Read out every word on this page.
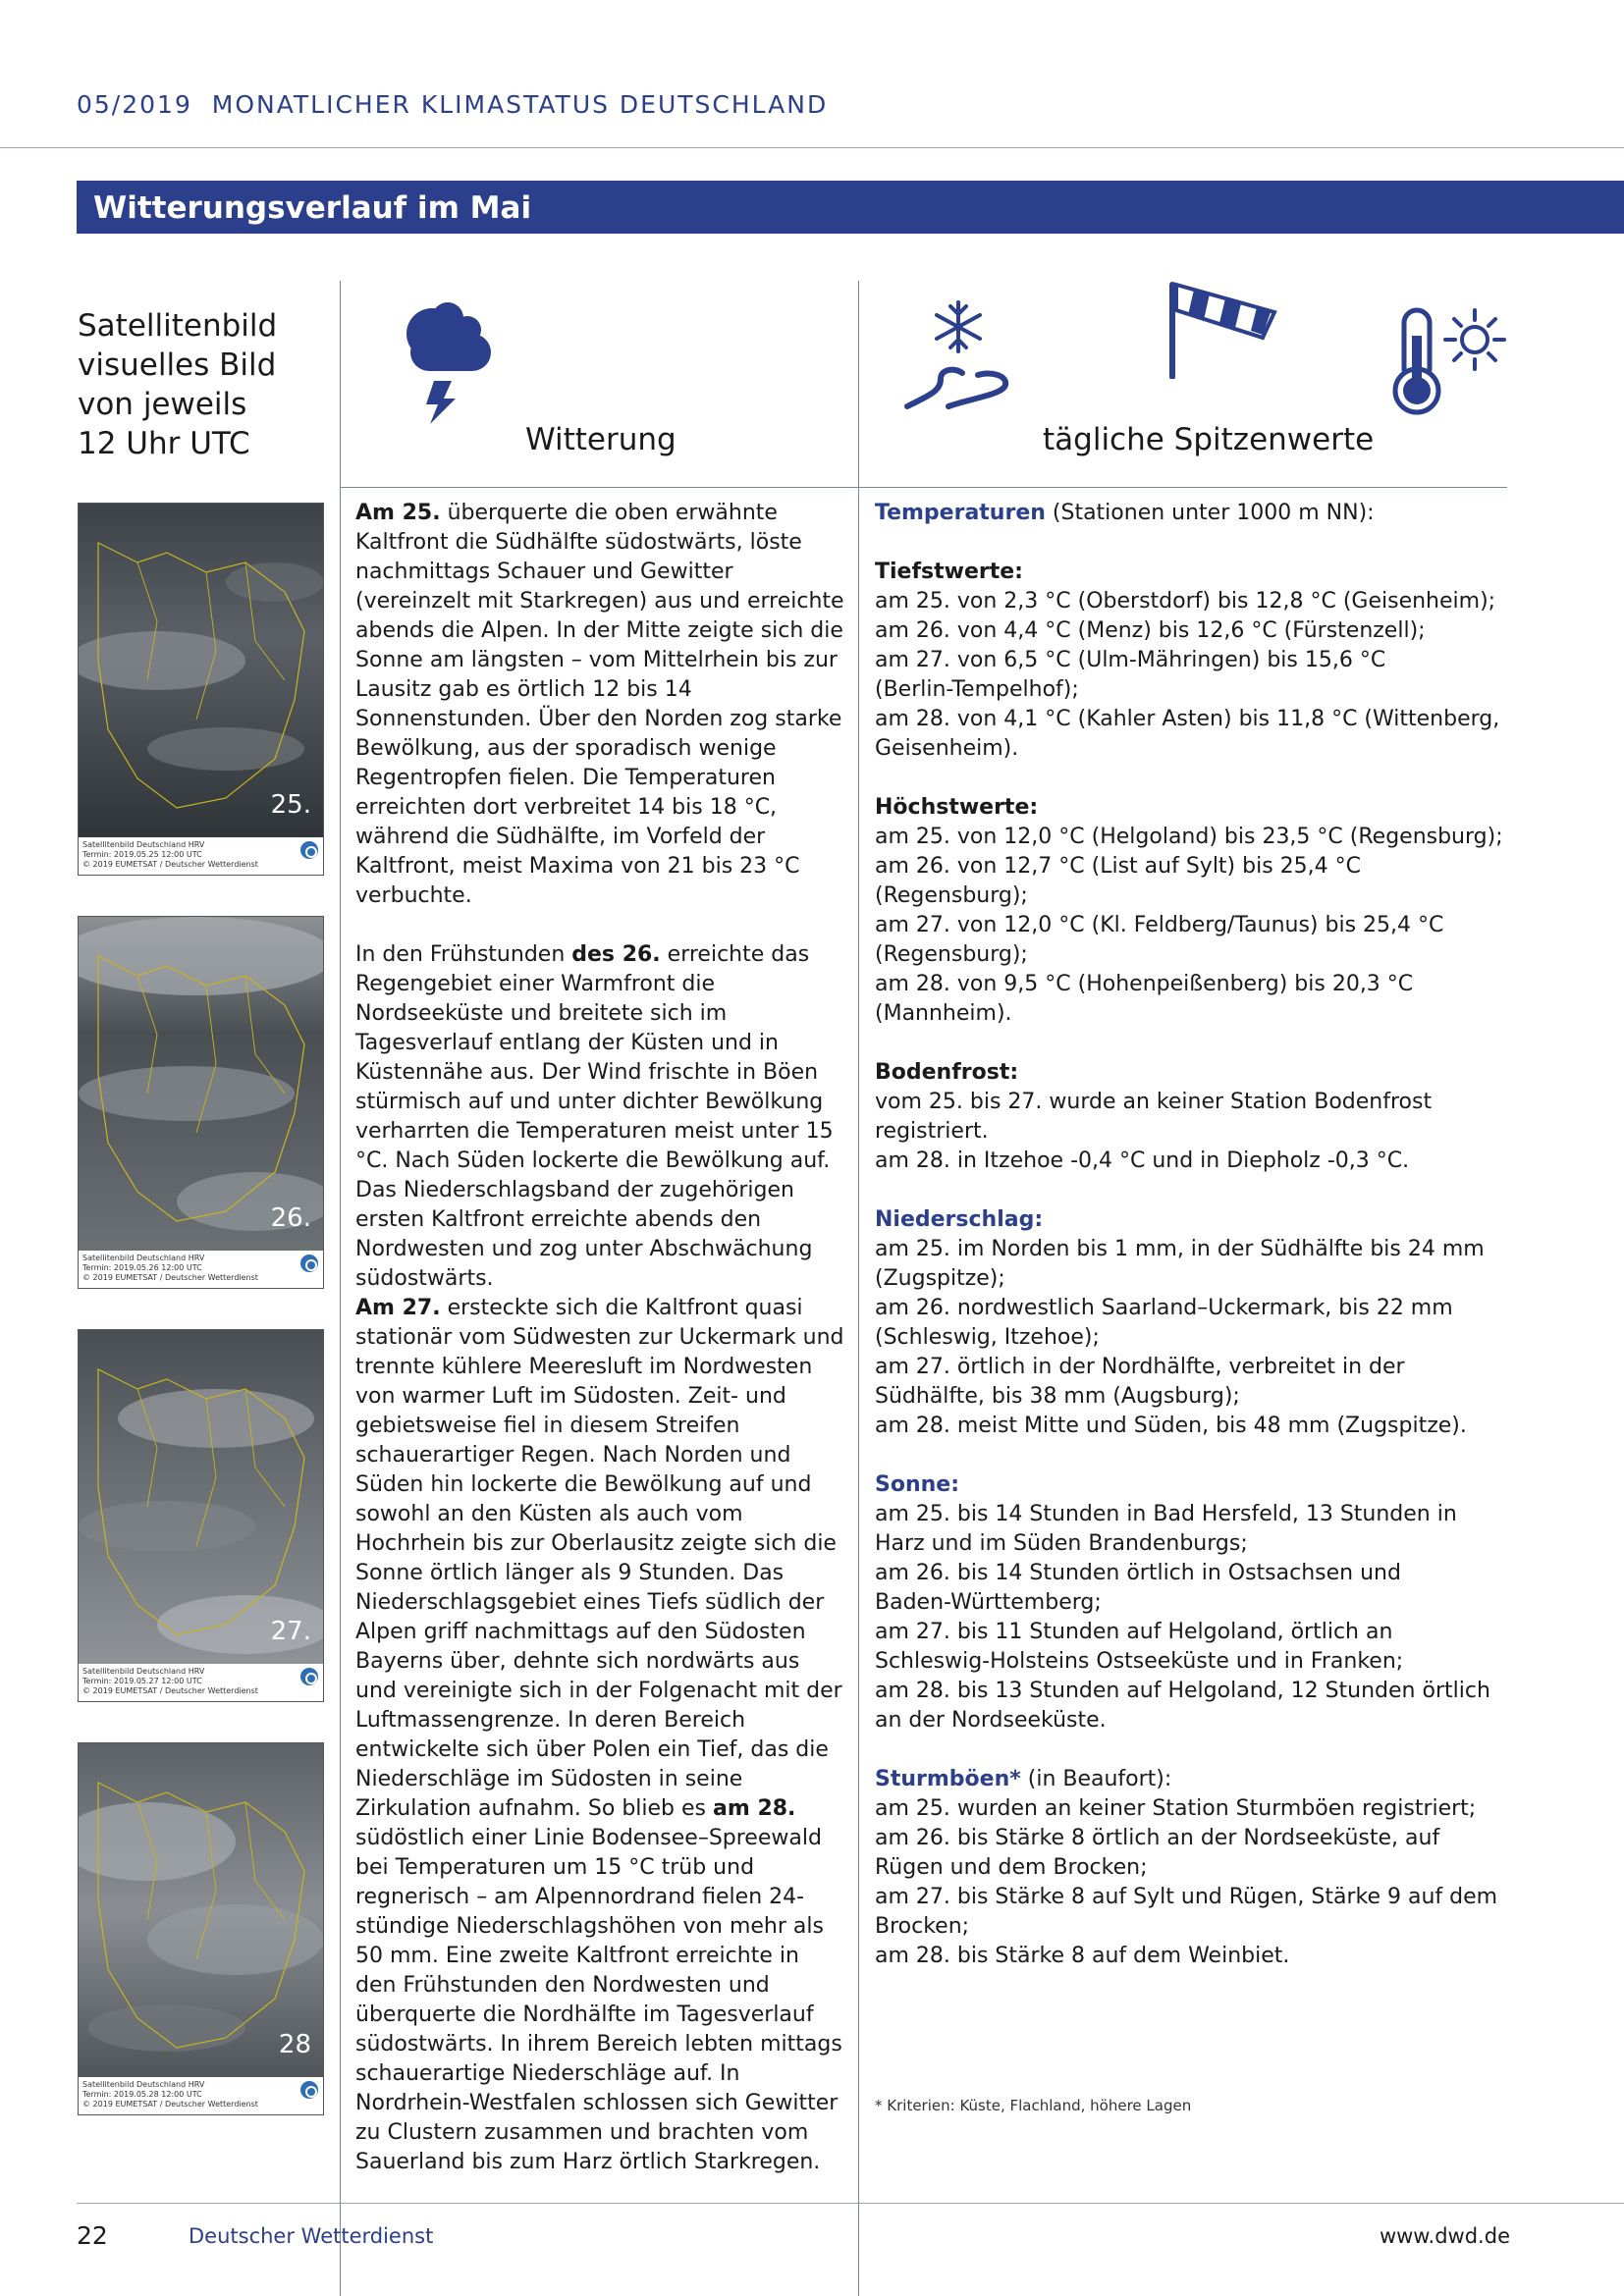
05/2019 MONATLICHER KLIMASTATUS DEUTSCHLAND
Witterungsverlauf im Mai
Satellitenbild
visuelles Bild
von jeweils
12 Uhr UTC	Witterung	tägliche Spitzenwerte
25.
Satellitenbild Deutschland HRV
Termin: 2019.05.25 12:00 UTC
© 2019 EUMETSAT / Deutscher Wetterdienst
26.
Satellitenbild Deutschland HRV
Termin: 2019.05.26 12:00 UTC
© 2019 EUMETSAT / Deutscher Wetterdienst
27.
Satellitenbild Deutschland HRV
Termin: 2019.05.27 12:00 UTC
© 2019 EUMETSAT / Deutscher Wetterdienst
28
Satellitenbild Deutschland HRV
Termin: 2019.05.28 12:00 UTC
© 2019 EUMETSAT / Deutscher Wetterdienst

Am 25. überquerte die oben erwähnte Kaltfront die Südhälfte südostwärts, löste nachmittags Schauer und Gewitter (vereinzelt mit Starkregen) aus und erreichte abends die Alpen. In der Mitte zeigte sich die Sonne am längsten – vom Mittelrhein bis zur Lausitz gab es örtlich 12 bis 14 Sonnenstunden. Über den Norden zog starke Bewölkung, aus der sporadisch wenige Regentropfen fielen. Die Temperaturen erreichten dort verbreitet 14 bis 18 °C, während die Südhälfte, im Vorfeld der Kaltfront, meist Maxima von 21 bis 23 °C verbuchte.

In den Frühstunden des 26. erreichte das Regengebiet einer Warmfront die Nordseeküste und breitete sich im Tagesverlauf entlang der Küsten und in Küstennähe aus. Der Wind frischte in Böen stürmisch auf und unter dichter Bewölkung verharrten die Temperaturen meist unter 15 °C. Nach Süden lockerte die Bewölkung auf. Das Niederschlagsband der zugehörigen ersten Kaltfront erreichte abends den Nordwesten und zog unter Abschwächung südostwärts.

Am 27. ersteckte sich die Kaltfront quasi stationär vom Südwesten zur Uckermark und trennte kühlere Meeresluft im Nordwesten von warmer Luft im Südosten. Zeit- und gebietsweise fiel in diesem Streifen schauerartiger Regen. Nach Norden und Süden hin lockerte die Bewölkung auf und sowohl an den Küsten als auch vom Hochrhein bis zur Oberlausitz zeigte sich die Sonne örtlich länger als 9 Stunden. Das Niederschlagsgebiet eines Tiefs südlich der Alpen griff nachmittags auf den Südosten Bayerns über, dehnte sich nordwärts aus und vereinigte sich in der Folgenacht mit der Luftmassengrenze. In deren Bereich entwickelte sich über Polen ein Tief, das die Niederschläge im Südosten in seine Zirkulation aufnahm. So blieb es am 28. südöstlich einer Linie Bodensee–Spreewald bei Temperaturen um 15 °C trüb und regnerisch – am Alpennordrand fielen 24-stündige Niederschlagshöhen von mehr als 50 mm. Eine zweite Kaltfront erreichte in den Frühstunden den Nordwesten und überquerte die Nordhälfte im Tagesverlauf südostwärts. In ihrem Bereich lebten mittags schauerartige Niederschläge auf. In Nordrhein-Westfalen schlossen sich Gewitter zu Clustern zusammen und brachten vom Sauerland bis zum Harz örtlich Starkregen.

Temperaturen (Stationen unter 1000 m NN):
Tiefstwerte:
am 25. von 2,3 °C (Oberstdorf) bis 12,8 °C (Geisenheim);
am 26. von 4,4 °C (Menz) bis 12,6 °C (Fürstenzell);
am 27. von 6,5 °C (Ulm-Mähringen) bis 15,6 °C
(Berlin-Tempelhof);
am 28. von 4,1 °C (Kahler Asten) bis 11,8 °C (Wittenberg,
Geisenheim).
Höchstwerte:
am 25. von 12,0 °C (Helgoland) bis 23,5 °C (Regensburg);
am 26. von 12,7 °C (List auf Sylt) bis 25,4 °C
(Regensburg);
am 27. von 12,0 °C (Kl. Feldberg/Taunus) bis 25,4 °C
(Regensburg);
am 28. von 9,5 °C (Hohenpeißenberg) bis 20,3 °C
(Mannheim).
Bodenfrost:
vom 25. bis 27. wurde an keiner Station Bodenfrost
registriert.
am 28. in Itzehoe -0,4 °C und in Diepholz -0,3 °C.
Niederschlag:
am 25. im Norden bis 1 mm, in der Südhälfte bis 24 mm
(Zugspitze);
am 26. nordwestlich Saarland–Uckermark, bis 22 mm
(Schleswig, Itzehoe);
am 27. örtlich in der Nordhälfte, verbreitet in der
Südhälfte, bis 38 mm (Augsburg);
am 28. meist Mitte und Süden, bis 48 mm (Zugspitze).
Sonne:
am 25. bis 14 Stunden in Bad Hersfeld, 13 Stunden in
Harz und im Süden Brandenburgs;
am 26. bis 14 Stunden örtlich in Ostsachsen und
Baden-Württemberg;
am 27. bis 11 Stunden auf Helgoland, örtlich an
Schleswig-Holsteins Ostseeküste und in Franken;
am 28. bis 13 Stunden auf Helgoland, 12 Stunden örtlich
an der Nordseeküste.
Sturmböen* (in Beaufort):
am 25. wurden an keiner Station Sturmböen registriert;
am 26. bis Stärke 8 örtlich an der Nordseeküste, auf
Rügen und dem Brocken;
am 27. bis Stärke 8 auf Sylt und Rügen, Stärke 9 auf dem
Brocken;
am 28. bis Stärke 8 auf dem Weinbiet.
* Kriterien: Küste, Flachland, höhere Lagen
22	Deutscher Wetterdienst	www.dwd.de
